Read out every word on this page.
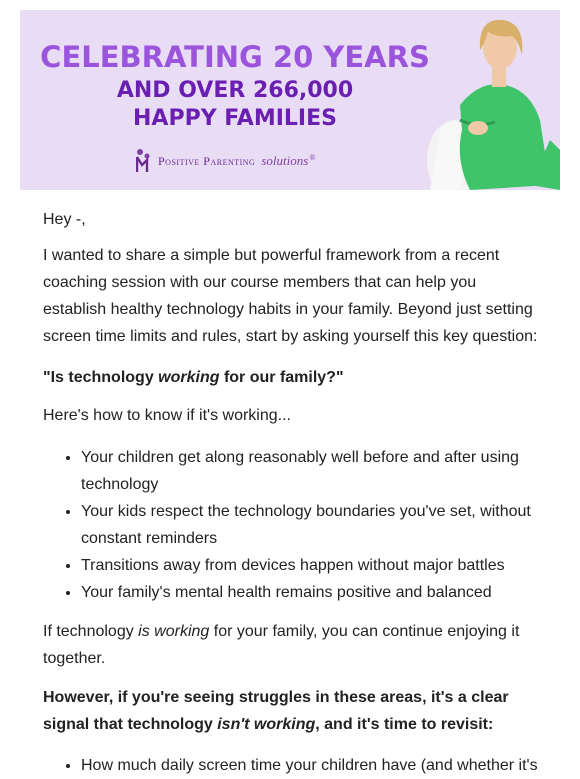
CELEBRATING 20 YEARS
AND OVER 266,000
HAPPY FAMILIES
Positive Parenting solutions ®

Hey -,

I wanted to share a simple but powerful framework from a recent coaching session with our course members that can help you establish healthy technology habits in your family. Beyond just setting screen time limits and rules, start by asking yourself this key question:

"Is technology working for our family?"

Here's how to know if it's working...

• Your children get along reasonably well before and after using technology
• Your kids respect the technology boundaries you've set, without constant reminders
• Transitions away from devices happen without major battles
• Your family's mental health remains positive and balanced

If technology is working for your family, you can continue enjoying it together.

However, if you're seeing struggles in these areas, it's a clear signal that technology isn't working, and it's time to revisit:

• How much daily screen time your children have (and whether it's
